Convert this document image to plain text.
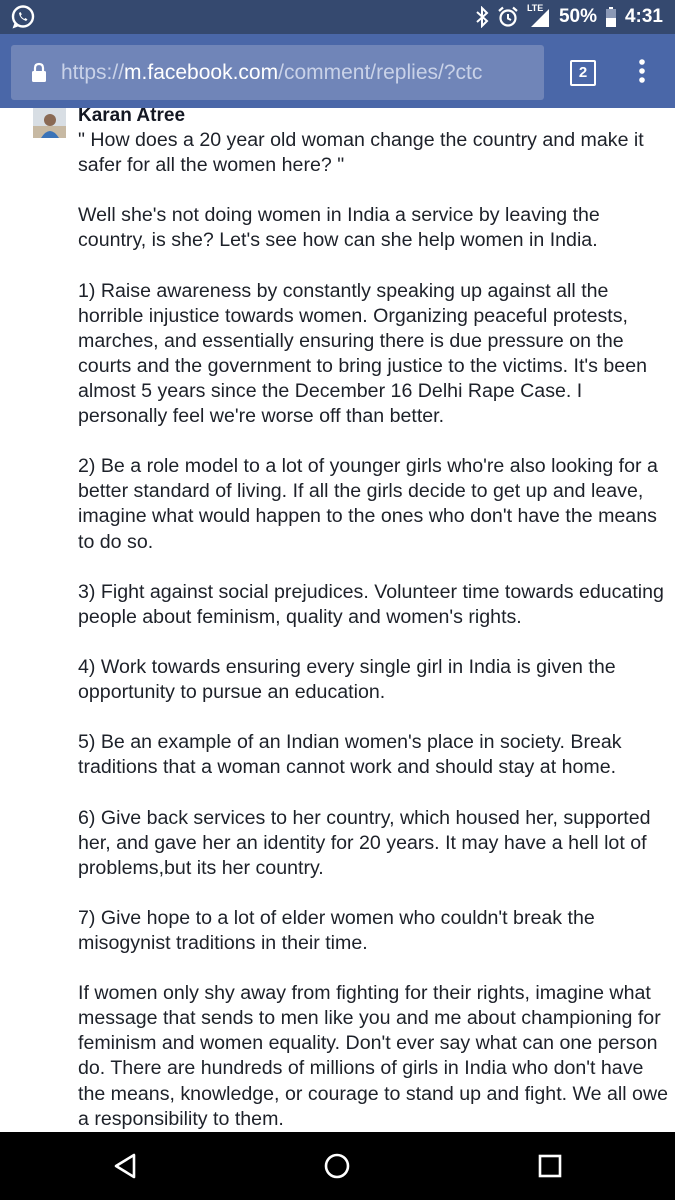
LTE 50% 4:31
https://m.facebook.com/comment/replies/?ctc	2
Karan Atree

" How does a 20 year old woman change the country and make it safer for all the women here? "

Well she's not doing women in India a service by leaving the country, is she? Let's see how can she help women in India.

1) Raise awareness by constantly speaking up against all the horrible injustice towards women. Organizing peaceful protests, marches, and essentially ensuring there is due pressure on the courts and the government to bring justice to the victims. It's been almost 5 years since the December 16 Delhi Rape Case. I personally feel we're worse off than better.

2) Be a role model to a lot of younger girls who're also looking for a better standard of living. If all the girls decide to get up and leave, imagine what would happen to the ones who don't have the means to do so.

3) Fight against social prejudices. Volunteer time towards educating people about feminism, quality and women's rights.

4) Work towards ensuring every single girl in India is given the opportunity to pursue an education.

5) Be an example of an Indian women's place in society. Break traditions that a woman cannot work and should stay at home.

6) Give back services to her country, which housed her, supported her, and gave her an identity for 20 years. It may have a hell lot of problems,but its her country.

7) Give hope to a lot of elder women who couldn't break the misogynist traditions in their time.

If women only shy away from fighting for their rights, imagine what message that sends to men like you and me about championing for feminism and women equality. Don't ever say what can one person do. There are hundreds of millions of girls in India who don't have the means, knowledge, or courage to stand up and fight. We all owe a responsibility to them.
